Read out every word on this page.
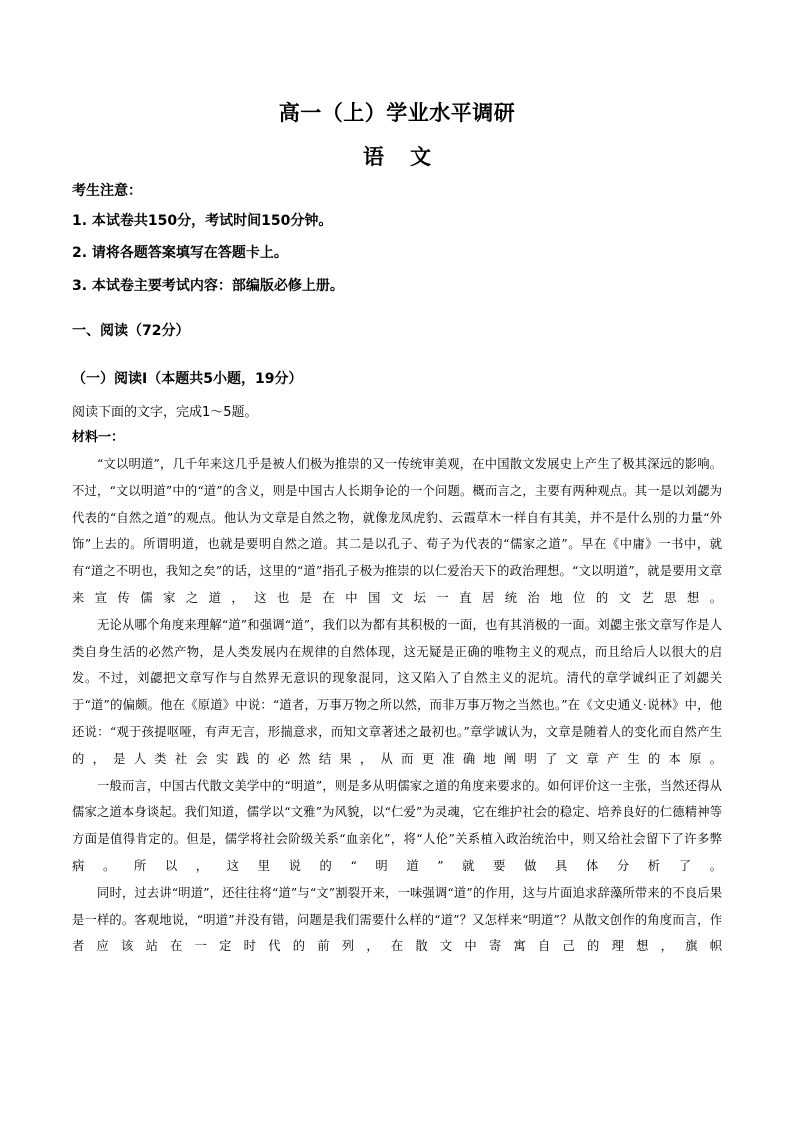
高一（上）学业水平调研
语文
考生注意：
1. 本试卷共150分，考试时间150分钟。
2. 请将各题答案填写在答题卡上。
3. 本试卷主要考试内容：部编版必修上册。
一、阅读（72分）
（一）阅读Ⅰ（本题共5小题，19分）
阅读下面的文字，完成1～5题。
材料一：

“文以明道”，几千年来这几乎是被人们极为推崇的又一传统审美观，在中国散文发展史上产生了极其深远的影响。不过，“文以明道”中的“道”的含义，则是中国古人长期争论的一个问题。概而言之，主要有两种观点。其一是以刘勰为代表的“自然之道”的观点。他认为文章是自然之物，就像龙凤虎豹、云霞草木一样自有其美，并不是什么别的力量“外饰”上去的。所谓明道，也就是要明自然之道。其二是以孔子、荀子为代表的“儒家之道”。早在《中庸》一书中，就有“道之不明也，我知之矣”的话，这里的“道”指孔子极为推崇的以仁爱治天下的政治理想。“文以明道”，就是要用文章来宣传儒家之道，这也是在中国文坛一直居统治地位的文艺思想。

无论从哪个角度来理解“道”和强调“道”，我们以为都有其积极的一面，也有其消极的一面。刘勰主张文章写作是人类自身生活的必然产物，是人类发展内在规律的自然体现，这无疑是正确的唯物主义的观点，而且给后人以很大的启发。不过，刘勰把文章写作与自然界无意识的现象混同，这又陷入了自然主义的泥坑。清代的章学诚纠正了刘勰关于“道”的偏颇。他在《原道》中说：“道者，万事万物之所以然，而非万事万物之当然也。”在《文史通义·说林》中，他还说：“观于孩提呕哑，有声无言，形揣意求，而知文章著述之最初也。”章学诚认为，文章是随着人的变化而自然产生的，是人类社会实践的必然结果，从而更准确地阐明了文章产生的本原。

一般而言，中国古代散文美学中的“明道”，则是多从明儒家之道的角度来要求的。如何评价这一主张，当然还得从儒家之道本身谈起。我们知道，儒学以“文雅”为风貌，以“仁爱”为灵魂，它在维护社会的稳定、培养良好的仁德精神等方面是值得肯定的。但是，儒学将社会阶级关系“血亲化”，将“人伦”关系植入政治统治中，则又给社会留下了许多弊病。所以，这里说的“明道”就要做具体分析了。

同时，过去讲“明道”，还往往将“道”与“文”割裂开来，一味强调“道”的作用，这与片面追求辞藻所带来的不良后果是一样的。客观地说，“明道”并没有错，问题是我们需要什么样的“道”？又怎样来“明道”？从散文创作的角度而言，作者应该站在一定时代的前列，在散文中寄寓自己的理想，旗帜
